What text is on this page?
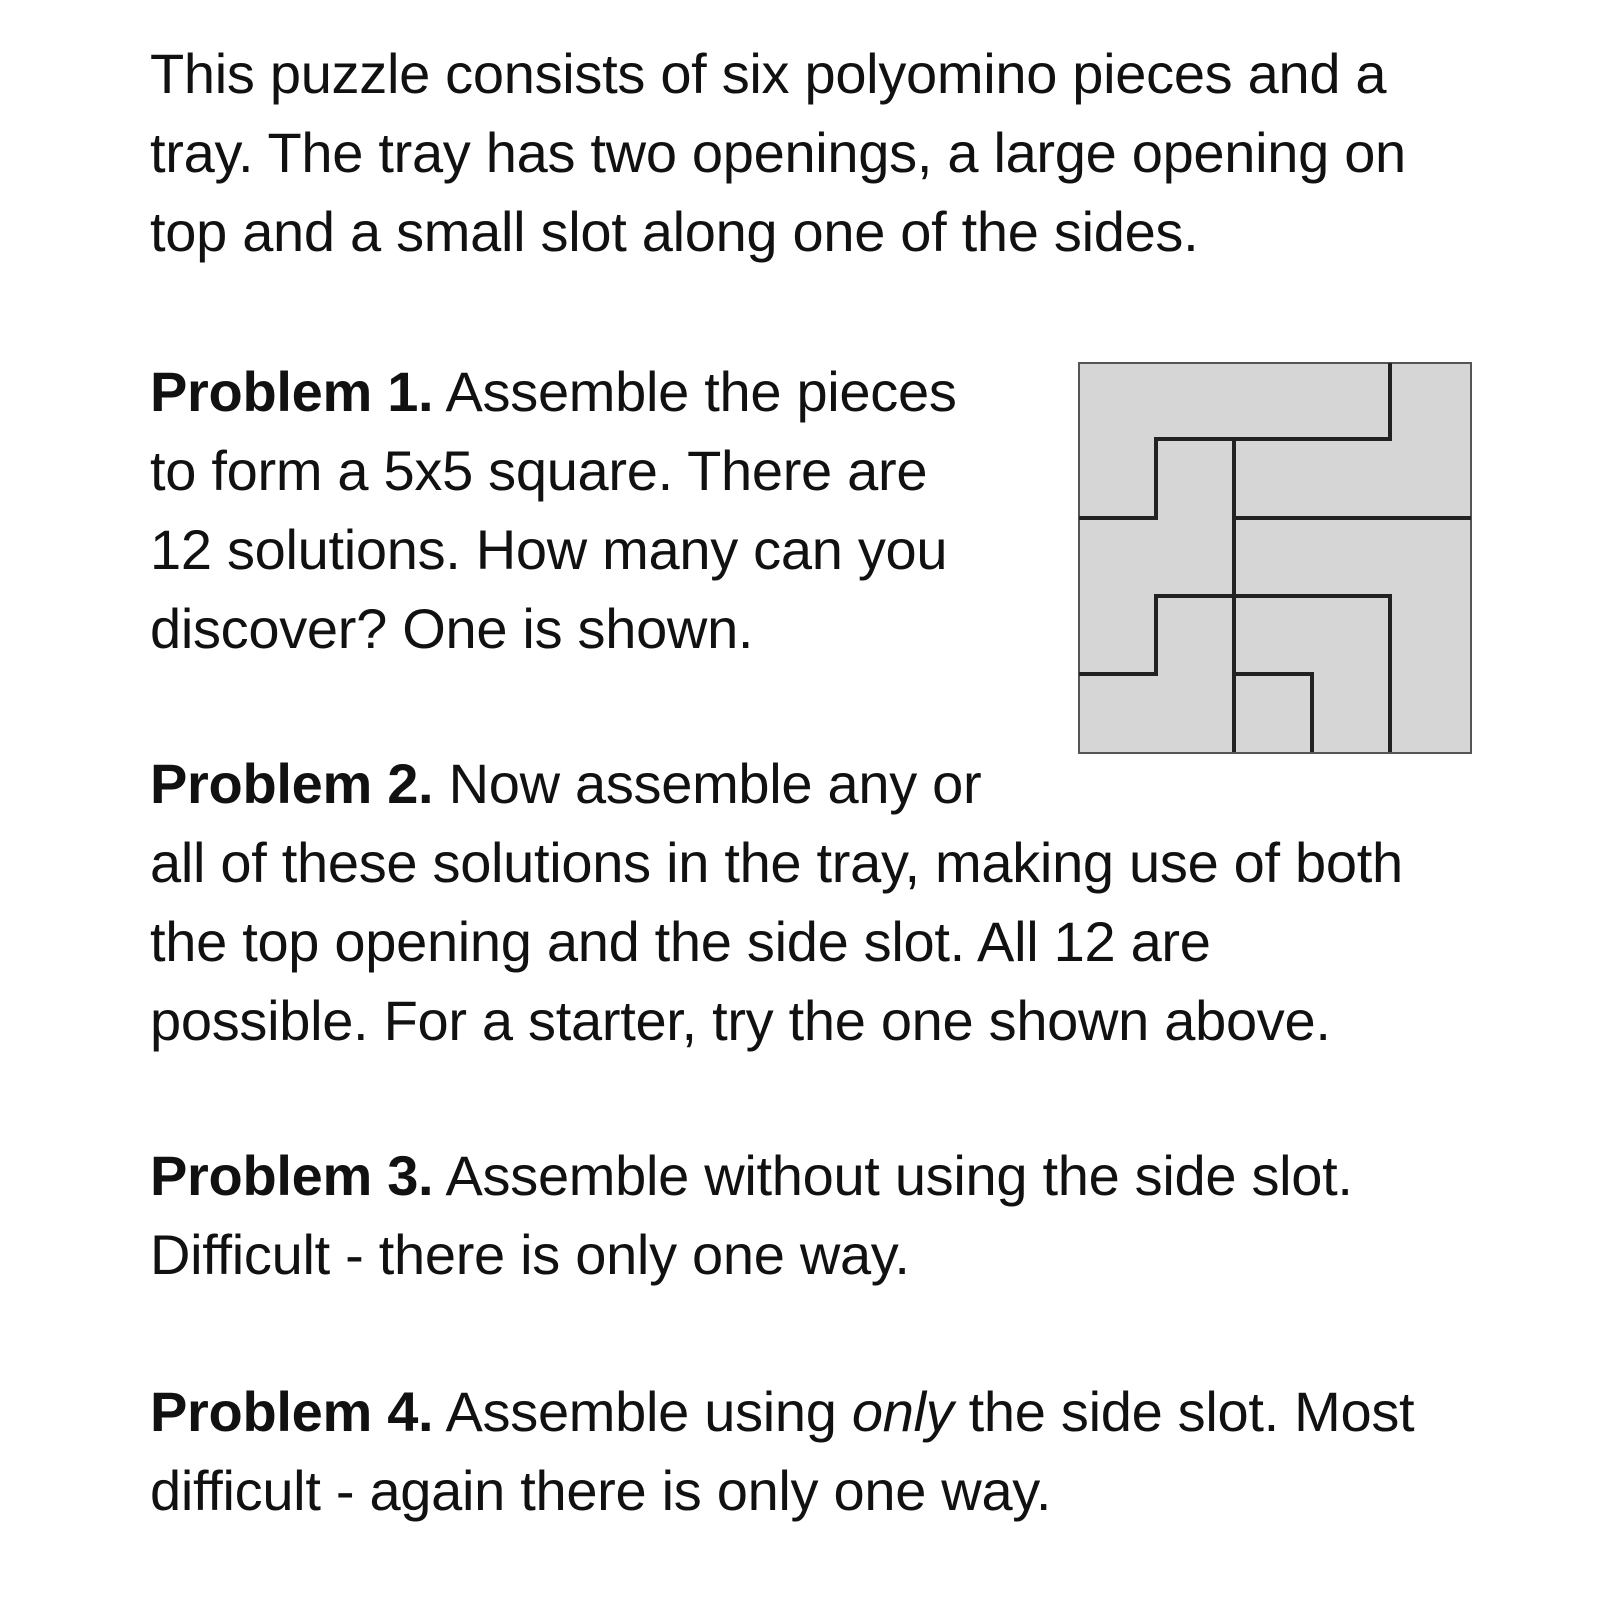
This puzzle consists of six polyomino pieces and a
tray. The tray has two openings, a large opening on
top and a small slot along one of the sides.

Problem 1. Assemble the pieces
to form a 5x5 square. There are
12 solutions. How many can you
discover? One is shown.

Problem 2. Now assemble any or
all of these solutions in the tray, making use of both
the top opening and the side slot. All 12 are
possible. For a starter, try the one shown above.

Problem 3. Assemble without using the side slot.
Difficult - there is only one way.

Problem 4. Assemble using only the side slot. Most
difficult - again there is only one way.
